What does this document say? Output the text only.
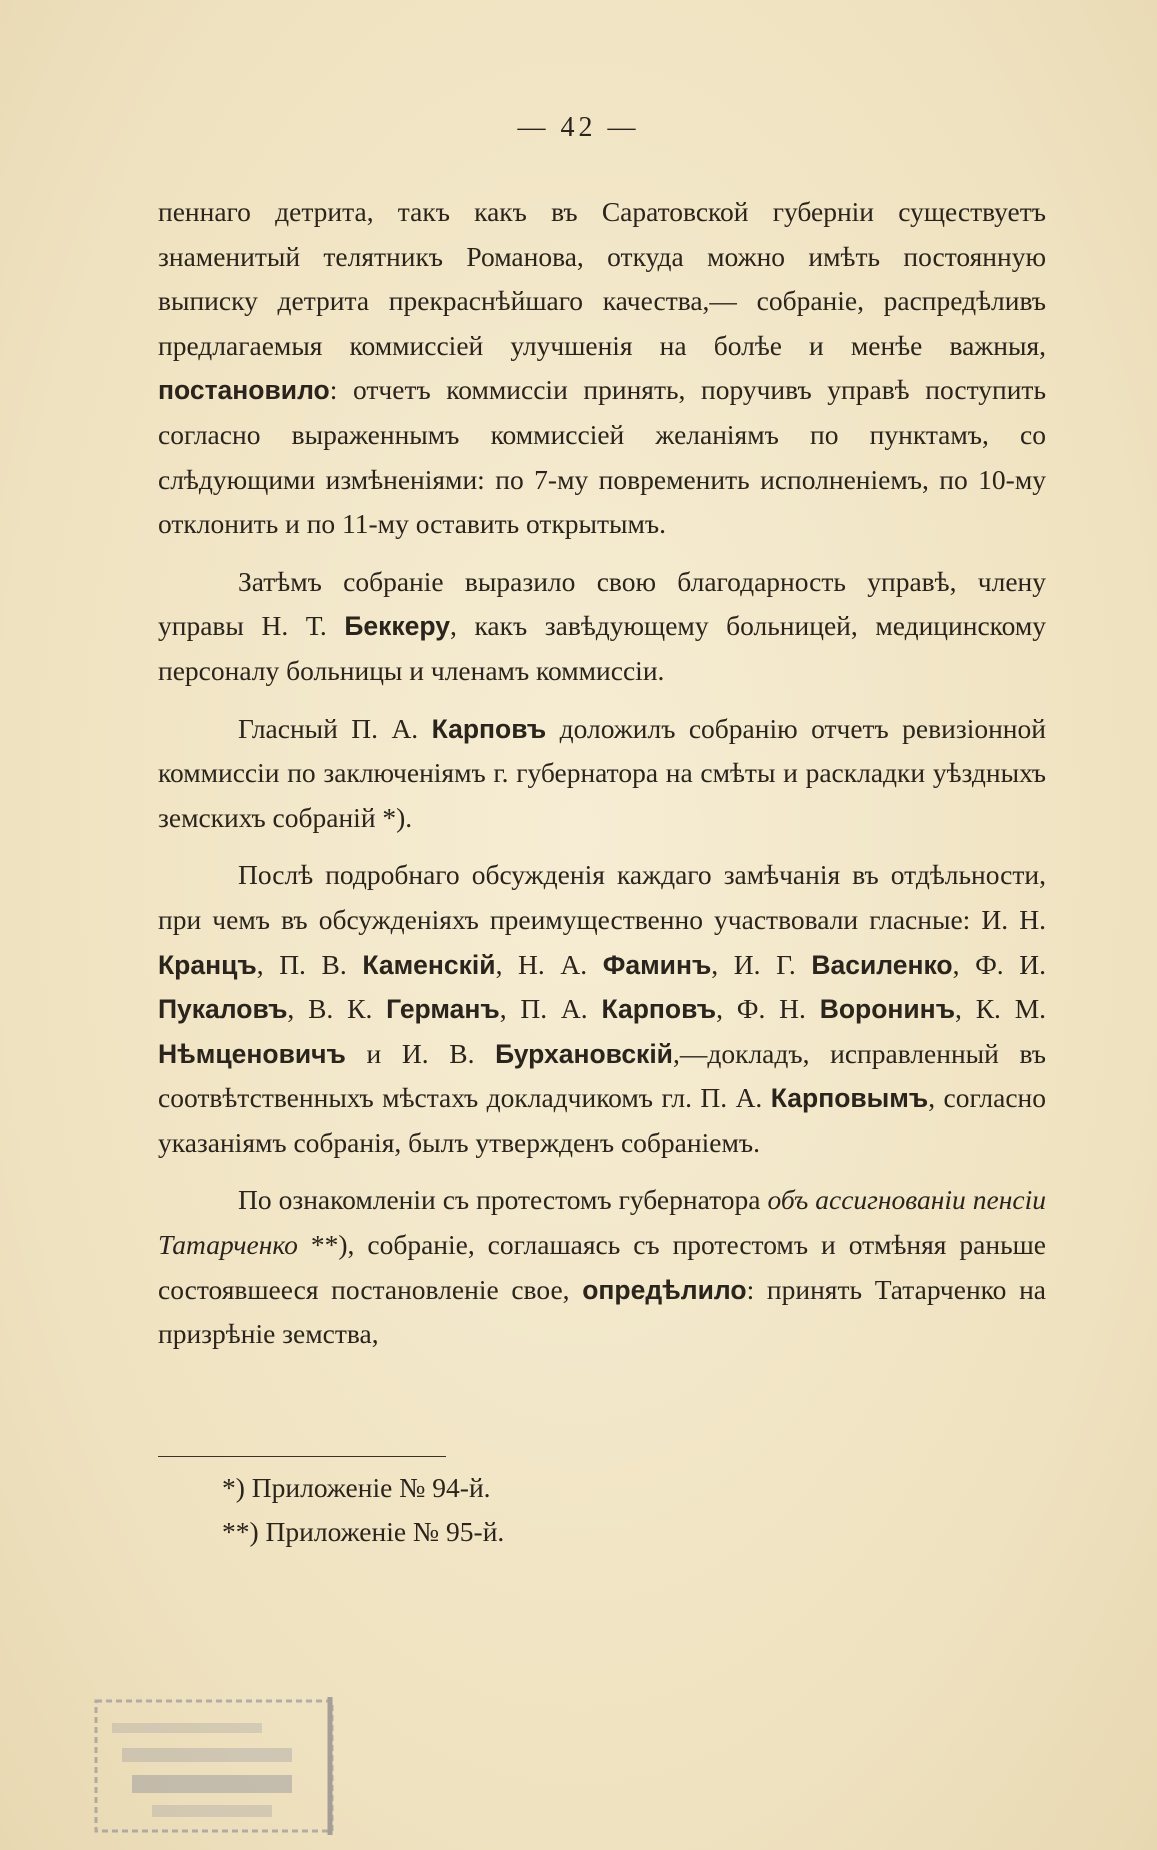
— 42 —

пеннаго детрита, такъ какъ въ Саратовской губерніи существуетъ знаменитый телятникъ Романова, откуда можно имѣть постоянную выписку детрита прекраснѣйшаго качества,— собраніе, распредѣливъ предлагаемыя коммиссіей улучшенія на болѣе и менѣе важныя, постановило: отчетъ коммиссіи принять, поручивъ управѣ поступить согласно выраженнымъ коммиссіей желаніямъ по пунктамъ, со слѣдующими измѣненіями: по 7-му повременить исполненіемъ, по 10-му отклонить и по 11-му оставить открытымъ.

Затѣмъ собраніе выразило свою благодарность управѣ, члену управы Н. Т. Беккеру, какъ завѣдующему больницей, медицинскому персоналу больницы и членамъ коммиссіи.

Гласный П. А. Карповъ доложилъ собранію отчетъ ревизіонной коммиссіи по заключеніямъ г. губернатора на смѣты и раскладки уѣздныхъ земскихъ собраній *).

Послѣ подробнаго обсужденія каждаго замѣчанія въ отдѣльности, при чемъ въ обсужденіяхъ преимущественно участвовали гласные: И. Н. Кранцъ, П. В. Каменскій, Н. А. Фаминъ, И. Г. Василенко, Ф. И. Пукаловъ, В. К. Германъ, П. А. Карповъ, Ф. Н. Воронинъ, К. М. Нѣмценовичъ и И. В. Бурхановскій,—докладъ, исправленный въ соотвѣтственныхъ мѣстахъ докладчикомъ гл. П. А. Карповымъ, согласно указаніямъ собранія, былъ утвержденъ собраніемъ.

По ознакомленіи съ протестомъ губернатора объ ассигнованіи пенсіи Татарченко **), собраніе, соглашаясь съ протестомъ и отмѣняя раньше состоявшееся постановленіе свое, опредѣлило: принять Татарченко на призрѣніе земства,

*) Приложеніе № 94-й.
**) Приложеніе № 95-й.
